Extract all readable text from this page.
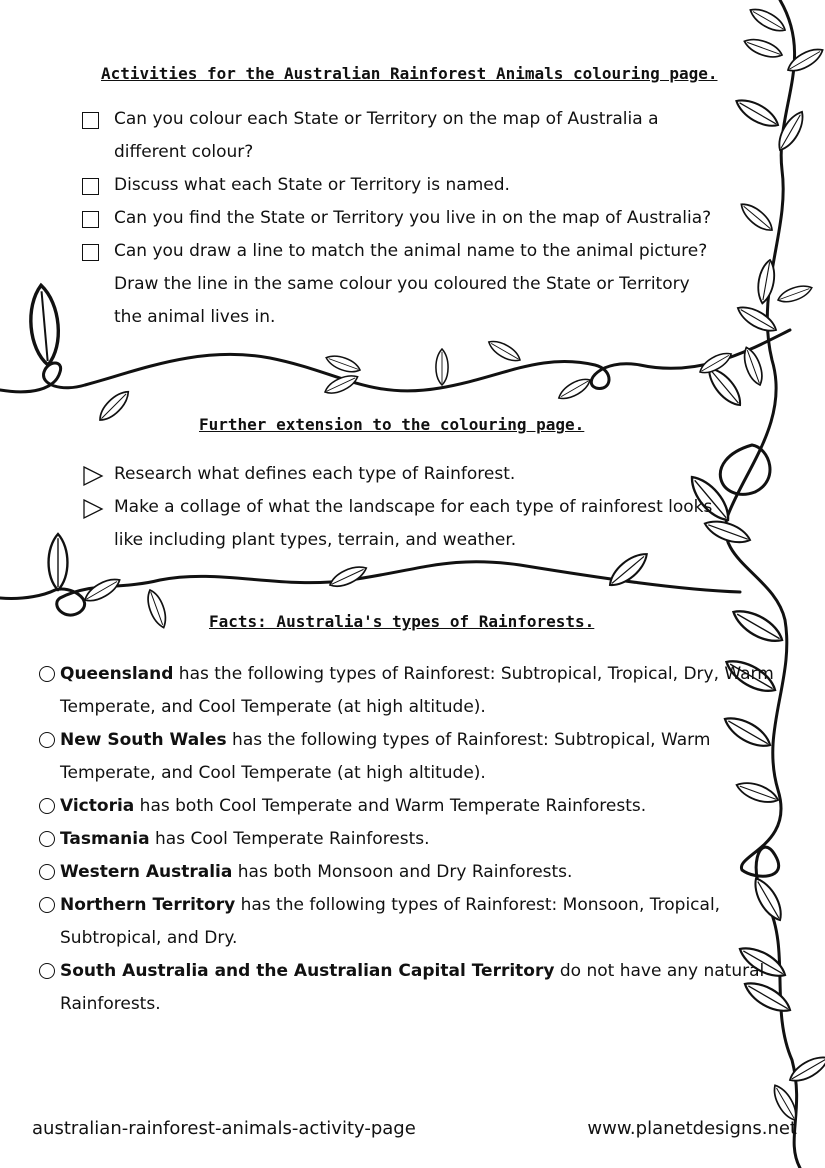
Activities for the Australian Rainforest Animals colouring page.
Can you colour each State or Territory on the map of Australia a different colour?
Discuss what each State or Territory is named.
Can you find the State or Territory you live in on the map of Australia?
Can you draw a line to match the animal name to the animal picture? Draw the line in the same colour you coloured the State or Territory the animal lives in.
Further extension to the colouring page.
Research what defines each type of Rainforest.
Make a collage of what the landscape for each type of rainforest looks like including plant types, terrain, and weather.
Facts: Australia's types of Rainforests.
Queensland has the following types of Rainforest: Subtropical, Tropical, Dry, Warm Temperate, and Cool Temperate (at high altitude).
New South Wales has the following types of Rainforest: Subtropical, Warm Temperate, and Cool Temperate (at high altitude).
Victoria has both Cool Temperate and Warm Temperate Rainforests.
Tasmania has Cool Temperate Rainforests.
Western Australia has both Monsoon and Dry Rainforests.
Northern Territory has the following types of Rainforest: Monsoon, Tropical, Subtropical, and Dry.
South Australia and the Australian Capital Territory do not have any natural Rainforests.
australian-rainforest-animals-activity-page	www.planetdesigns.net
